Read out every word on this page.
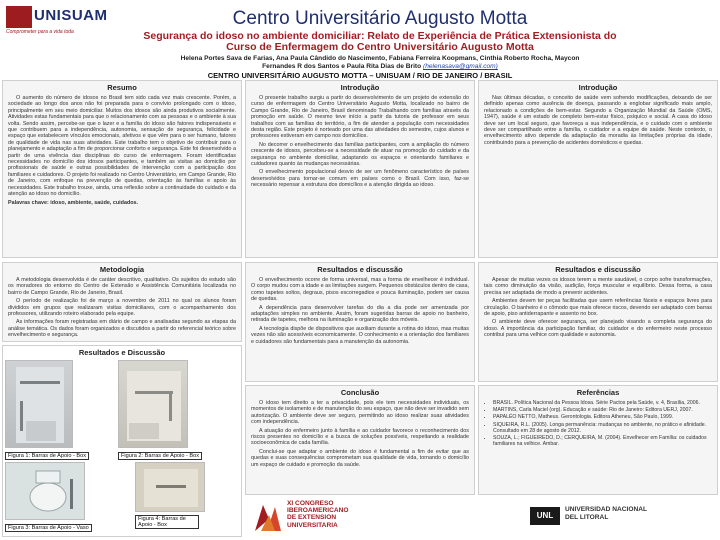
UNISUAM
Comprometer para a vida toda
Centro Universitário Augusto Motta
Segurança do idoso no ambiente domiciliar: Relato de Experiência de Prática Extensionista do
Curso de Enfermagem do Centro Universitário Augusto Motta
Helena Portes Sava de Farias, Ana Paula Cândido do Nascimento, Fabiana Ferreira Koopmans, Cinthia Roberto Rocha, Maycon
Fernandes R dos Santos e Paula Rita Dias de Brito (helenasava@gmail.com)
CENTRO UNIVERSITÁRIO AUGUSTO MOTTA – UNISUAM / RIO DE JANEIRO / BRASIL
Resumo

O aumento do número de idosos no Brasil tem sido cada vez mais crescente. Porém, a sociedade ao longo dos anos não foi preparada para o convívio prolongado com o idoso, principalmente em seu meio domiciliar. Muitos dos idosos são ainda produtivos socialmente. Atividades estas fundamentais para que o relacionamento com as pessoas e o ambiente à sua volta. Sendo assim, percebe-se que o lazer e a família do idoso são fatores indispensáveis e que contribuem para a independência, autonomia, sensação de segurança, felicidade e espaço que estabelecem vínculos emocionais, afetivos e que vêm para o ser humano, fatores de qualidade de vida nas suas atividades. Este trabalho tem o objetivo de contribuir para o planejamento e adaptação a fim de proporcionar conforto e segurança. Este foi desenvolvido a partir de uma vivência das disciplinas do curso de enfermagem. Foram identificadas necessidades no domicílio dos idosos participantes, e também as visitas ao domicílio por profissionais de saúde e outras possibilidades de intervenção com a participação dos familiares e cuidadores. O projeto foi realizado no Centro Universitário, em Campo Grande, Rio de Janeiro, com enfoque na prevenção de quedas, orientação às famílias e apoio às necessidades. Este trabalho trouxe, ainda, uma reflexão sobre a continuidade do cuidado e da atenção ao idoso no domicílio.

Palavras chave: idoso, ambiente, saúde, cuidados.
Introdução

O presente trabalho surgiu a partir do desenvolvimento de um projeto de extensão do curso de enfermagem do Centro Universitário Augusto Motta, localizado no bairro de Campo Grande, Rio de Janeiro, Brasil denominado Trabalhando com famílias através da promoção em saúde. O mesmo teve início a partir da tutoria de professor em seus trabalhos com as famílias do território, a fim de atender a população com necessidades desta região. Este projeto é norteado por uma das atividades do semestre, cujos alunos e professores estiveram em campo nos domicílios.

No decorrer o envelhecimento das famílias participantes, com a ampliação do número crescente de idosos, percebeu-se a necessidade de atuar na promoção do cuidado e da segurança no ambiente domiciliar, adaptando os espaços e orientando familiares e cuidadores quanto às mudanças necessárias.

O envelhecimento populacional desvio de ser um fenômeno característico de países desenvolvidos para tornar-se comum em países como o Brasil. Com isso, faz-se necessário repensar a estrutura dos domicílios e a atenção dirigida ao idoso.

Introdução

Nas últimas décadas, o conceito de saúde vem sofrendo modificações, deixando de ser definido apenas como ausência de doença, passando a englobar significado mais amplo, relacionado a condições de bem-estar. Segundo a Organização Mundial da Saúde (OMS, 1947), saúde é um estado de completo bem-estar físico, psíquico e social. A casa do idoso deve ser um local seguro, que favoreça a sua independência, e o cuidado com o ambiente deve ser compartilhado entre a família, o cuidador e a equipe de saúde. Neste contexto, o envelhecimento ativo depende da adaptação da moradia às limitações próprias da idade, contribuindo para a prevenção de acidentes domésticos e quedas.

Metodologia

A metodologia desenvolvida é de caráter descritivo, qualitativo. Os sujeitos do estudo são os moradores do entorno do Centro de Extensão e Assistência Comunitária localizada no bairro de Campo Grande, Rio de Janeiro, Brasil.

O período de realização foi de março a novembro de 2011 no qual os alunos foram divididos em grupos que realizaram visitas domiciliares, com o acompanhamento dos professores, utilizando roteiro elaborado pela equipe.

As informações foram registradas em diário de campo e analisadas segundo as etapas da análise temática. Os dados foram organizados e discutidos a partir do referencial teórico sobre envelhecimento e segurança.

Resultados e discussão

O envelhecimento ocorre de forma universal, mas a forma de envelhecer é individual. O corpo mudou com a idade e as limitações surgem. Pequenos obstáculos dentro de casa, como tapetes soltos, degraus, pisos escorregadios e pouca iluminação, podem ser causa de quedas.

A dependência para desenvolver tarefas do dia a dia pode ser amenizada por adaptações simples no ambiente. Assim, foram sugeridas barras de apoio no banheiro, retirada de tapetes, melhora na iluminação e organização dos móveis.

A tecnologia dispõe de dispositivos que auxiliam durante a rotina do idoso, mas muitas vezes não são acessíveis economicamente. O conhecimento e a orientação dos familiares e cuidadores são fundamentais para a manutenção da autonomia.

Resultados e discussão

Apesar de muitas vezes os idosos terem a mente saudável, o corpo sofre transformações, tais como diminuição da visão, audição, força muscular e equilíbrio. Dessa forma, a casa precisa ser adaptada de modo a prevenir acidentes.

Ambientes devem ter peças facilitadas que usem referências fáceis e espaços livres para circulação. O banheiro é o cômodo que mais oferece riscos, devendo ser adaptado com barras de apoio, piso antiderrapante e assento no box.

O ambiente deve oferecer segurança, ser planejado visando a completa segurança do idoso. A importância da participação familiar, do cuidador e do enfermeiro neste processo contribui para uma velhice com qualidade e autonomia.

Resultados e Discussão
Figura 1: Barras de Apoio - Box	Figura 2: Barras de Apoio - Box
Figura 3: Barras de Apoio - Vaso
Figura 4: Barras de Apoio - Box
Conclusão

O idoso tem direito a ter a privacidade, pois ele tem necessidades individuais, os momentos de isolamento e de manutenção do seu espaço, que não deve ser invadido sem autorização. O ambiente deve ser seguro, permitindo ao idoso realizar suas atividades com independência.

A atuação do enfermeiro junto à família e ao cuidador favorece o reconhecimento dos riscos presentes no domicílio e a busca de soluções possíveis, respeitando a realidade socioeconômica de cada família.

Conclui-se que adaptar o ambiente do idoso é fundamental a fim de evitar que as quedas e suas consequências comprometam sua qualidade de vida, tornando o domicílio um espaço de cuidado e promoção da saúde.

Referências
• BRASIL. Política Nacional da Pessoa Idosa. Série Pactos pela Saúde, v. 4, Brasília, 2006.
• MARTINS, Carla Maciel (org). Educação e saúde: Rio de Janeiro: Editora UERJ, 2007.
• PAPALÉO NETTO, Matheus. Gerontologia. Editora Atheneu, São Paulo, 1999.
• SIQUEIRA, R.L. (2005). Longa permanência: mudanças no ambiente, no prático e afinidade. Consultado em 28 de agosto de 2012.
• SOUZA, L.; FIGUEIREDO, D.; CERQUEIRA, M. (2004). Envelhecer em Família: os cuidados familiares na velhice. Ambar.
XI CONGRESO
IBEROAMERICANO
DE EXTENSION
UNIVERSITARIA
UNL
UNIVERSIDAD NACIONAL
DEL LITORAL
